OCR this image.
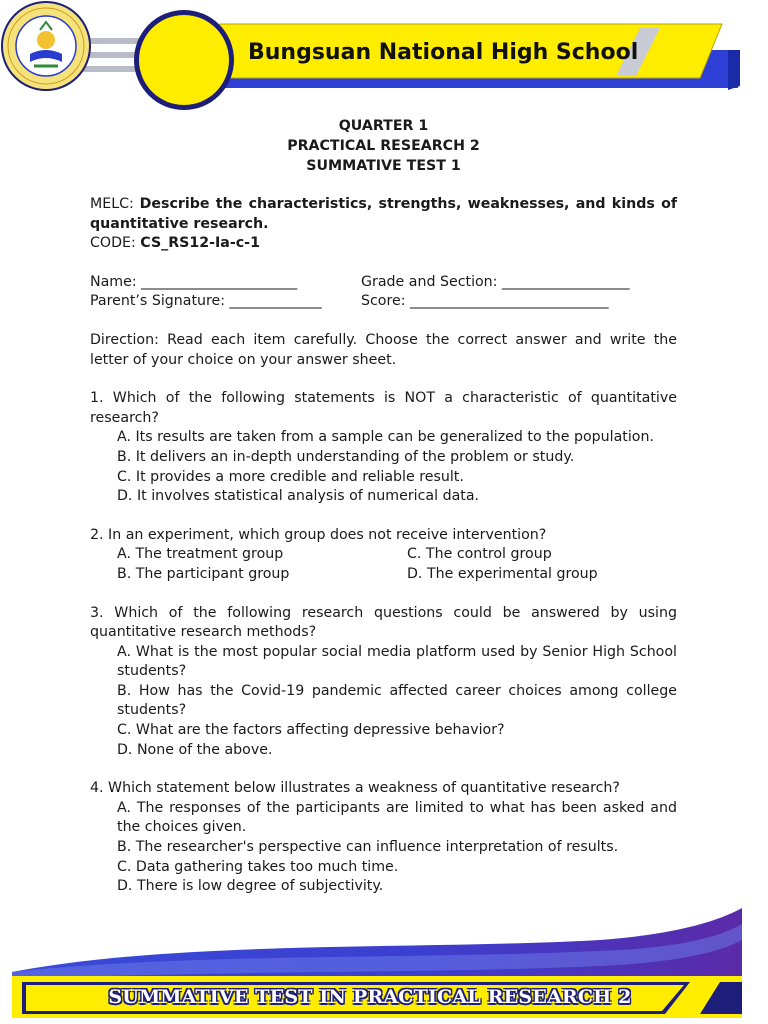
Bungsuan National High School
QUARTER 1
PRACTICAL RESEARCH 2
SUMMATIVE TEST 1
MELC: Describe the characteristics, strengths, weaknesses, and kinds of quantitative research.
CODE: CS_RS12-Ia-c-1
Name: ______________________	Grade and Section: __________________
Parent’s Signature: _____________	Score: ____________________________
Direction: Read each item carefully. Choose the correct answer and write the letter of your choice on your answer sheet.
1. Which of the following statements is NOT a characteristic of quantitative research?
A. Its results are taken from a sample can be generalized to the population.
B. It delivers an in-depth understanding of the problem or study.
C. It provides a more credible and reliable result.
D. It involves statistical analysis of numerical data.
2. In an experiment, which group does not receive intervention?
A. The treatment group	C. The control group
B. The participant group	D. The experimental group
3. Which of the following research questions could be answered by using quantitative research methods?
A. What is the most popular social media platform used by Senior High School students?
B. How has the Covid-19 pandemic affected career choices among college students?
C. What are the factors affecting depressive behavior?
D. None of the above.
4. Which statement below illustrates a weakness of quantitative research?
A. The responses of the participants are limited to what has been asked and the choices given.
B. The researcher's perspective can influence interpretation of results.
C. Data gathering takes too much time.
D. There is low degree of subjectivity.
SUMMATIVE TEST IN PRACTICAL RESEARCH 2
